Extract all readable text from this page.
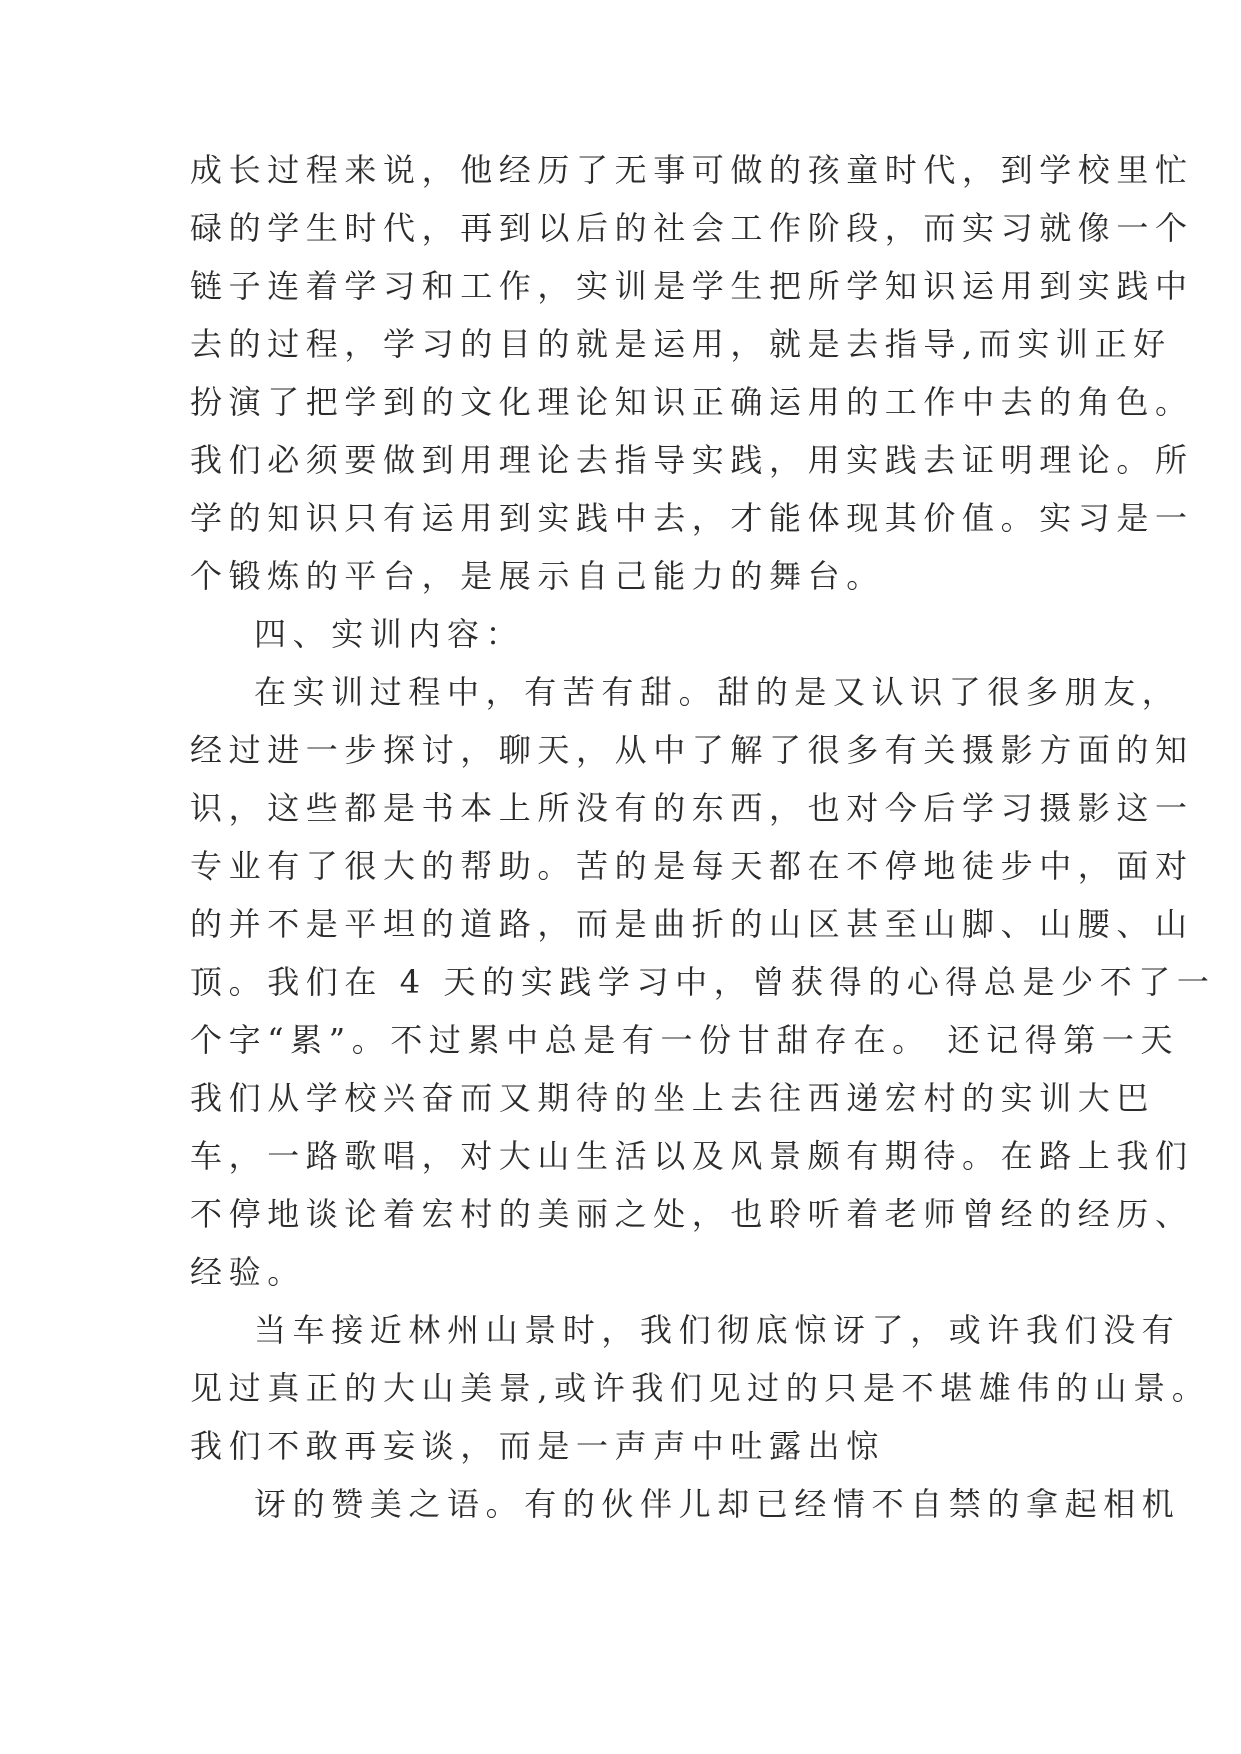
成长过程来说，他经历了无事可做的孩童时代，到学校里忙
碌的学生时代，再到以后的社会工作阶段，而实习就像一个
链子连着学习和工作，实训是学生把所学知识运用到实践中
去的过程，学习的目的就是运用，就是去指导,而实训正好
扮演了把学到的文化理论知识正确运用的工作中去的角色。
我们必须要做到用理论去指导实践，用实践去证明理论。所
学的知识只有运用到实践中去，才能体现其价值。实习是一
个锻炼的平台，是展示自己能力的舞台。
四、实训内容：
在实训过程中，有苦有甜。甜的是又认识了很多朋友，
经过进一步探讨，聊天，从中了解了很多有关摄影方面的知
识，这些都是书本上所没有的东西，也对今后学习摄影这一
专业有了很大的帮助。苦的是每天都在不停地徒步中，面对
的并不是平坦的道路，而是曲折的山区甚至山脚、山腰、山
顶。我们在 4 天的实践学习中，曾获得的心得总是少不了一
个字“累”。不过累中总是有一份甘甜存在。 还记得第一天
我们从学校兴奋而又期待的坐上去往西递宏村的实训大巴
车，一路歌唱，对大山生活以及风景颇有期待。在路上我们
不停地谈论着宏村的美丽之处，也聆听着老师曾经的经历、
经验。
当车接近林州山景时，我们彻底惊讶了，或许我们没有
见过真正的大山美景,或许我们见过的只是不堪雄伟的山景。
我们不敢再妄谈，而是一声声中吐露出惊
讶的赞美之语。有的伙伴儿却已经情不自禁的拿起相机
